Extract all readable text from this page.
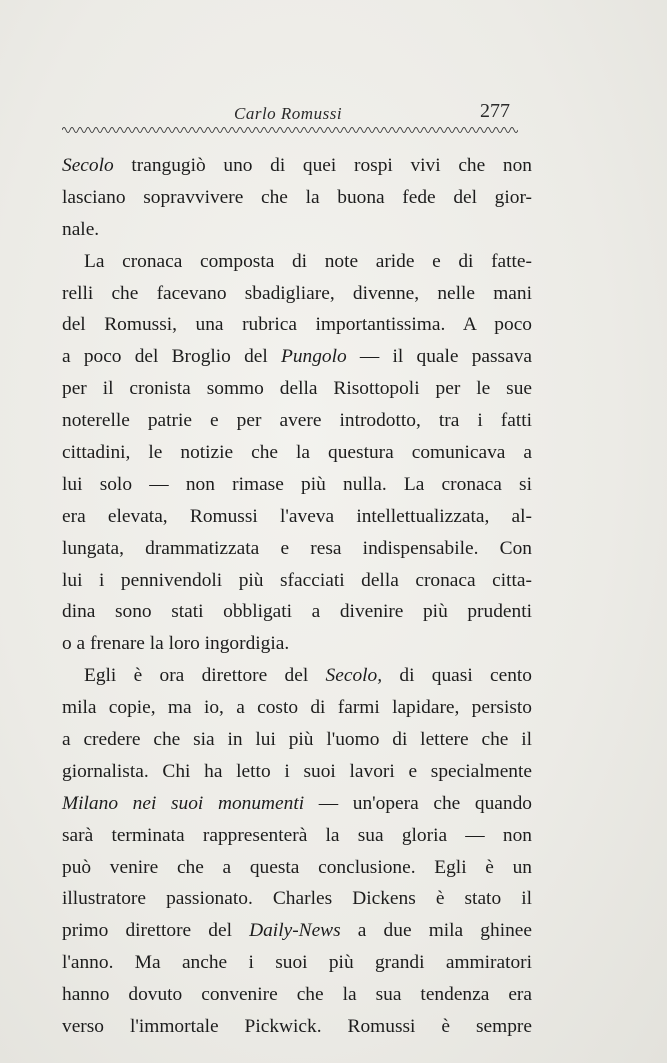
Carlo Romussi	277
Secolo trangugiò uno di quei rospi vivi che non
lasciano sopravvivere che la buona fede del gior-
nale.
La cronaca composta di note aride e di fatte-
relli che facevano sbadigliare, divenne, nelle mani
del Romussi, una rubrica importantissima. A poco
a poco del Broglio del Pungolo — il quale passava
per il cronista sommo della Risottopoli per le sue
noterelle patrie e per avere introdotto, tra i fatti
cittadini, le notizie che la questura comunicava a
lui solo — non rimase più nulla. La cronaca si
era elevata, Romussi l'aveva intellettualizzata, al-
lungata, drammatizzata e resa indispensabile. Con
lui i pennivendoli più sfacciati della cronaca citta-
dina sono stati obbligati a divenire più prudenti
o a frenare la loro ingordigia.
Egli è ora direttore del Secolo, di quasi cento
mila copie, ma io, a costo di farmi lapidare, persisto
a credere che sia in lui più l'uomo di lettere che il
giornalista. Chi ha letto i suoi lavori e specialmente
Milano nei suoi monumenti — un'opera che quando
sarà terminata rappresenterà la sua gloria — non
può venire che a questa conclusione. Egli è un
illustratore passionato. Charles Dickens è stato il
primo direttore del Daily-News a due mila ghinee
l'anno. Ma anche i suoi più grandi ammiratori
hanno dovuto convenire che la sua tendenza era
verso l'immortale Pickwick. Romussi è sempre
